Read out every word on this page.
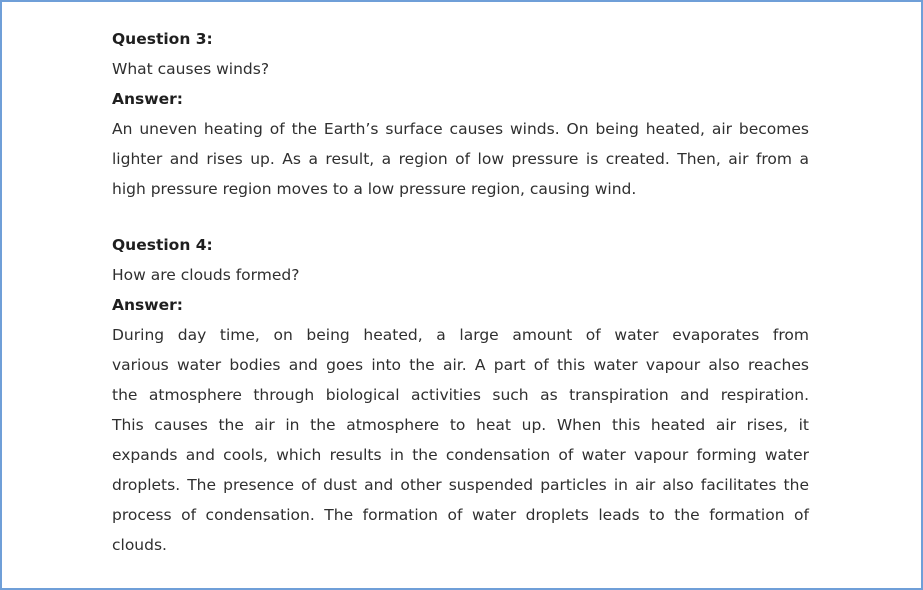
Question 3:
What causes winds?
Answer:
An uneven heating of the Earth’s surface causes winds. On being heated, air becomes
lighter and rises up. As a result, a region of low pressure is created. Then, air from a
high pressure region moves to a low pressure region, causing wind.
Question 4:
How are clouds formed?
Answer:
During day time, on being heated, a large amount of water evaporates from
various water bodies and goes into the air. A part of this water vapour also reaches
the atmosphere through biological activities such as transpiration and respiration.
This causes the air in the atmosphere to heat up. When this heated air rises, it
expands and cools, which results in the condensation of water vapour forming water
droplets. The presence of dust and other suspended particles in air also facilitates the
process of condensation. The formation of water droplets leads to the formation of
clouds.
